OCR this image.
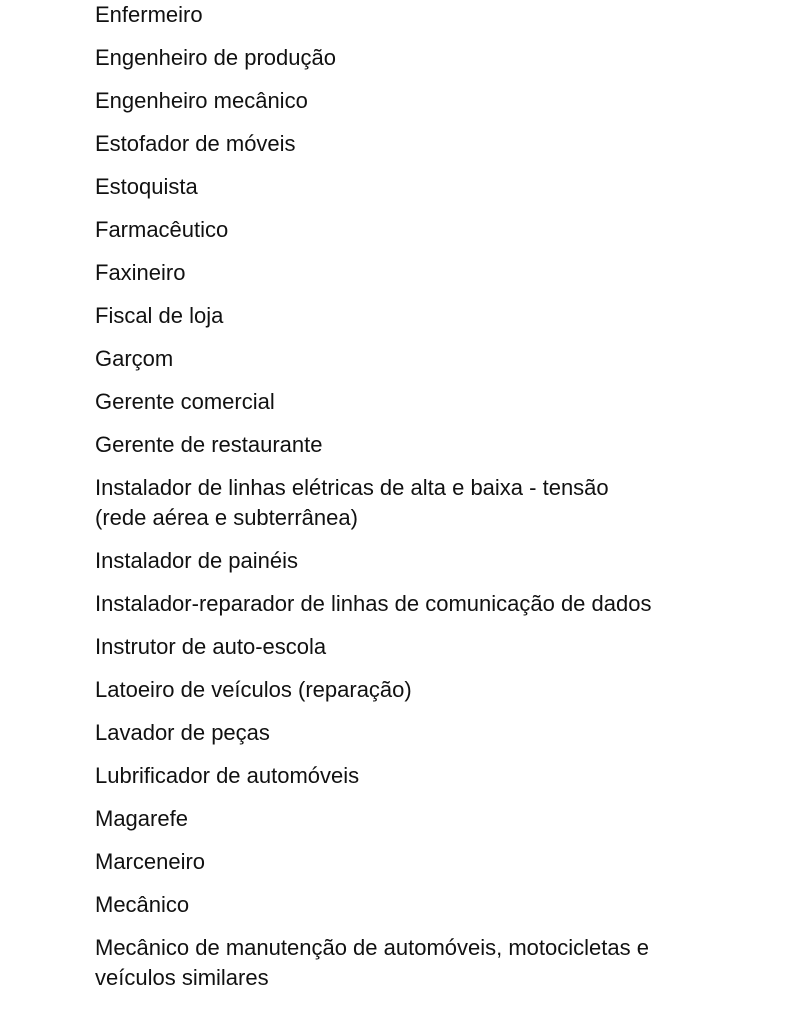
Enfermeiro
Engenheiro de produção
Engenheiro mecânico
Estofador de móveis
Estoquista
Farmacêutico
Faxineiro
Fiscal de loja
Garçom
Gerente comercial
Gerente de restaurante
Instalador de linhas elétricas de alta e baixa - tensão
(rede aérea e subterrânea)
Instalador de painéis
Instalador-reparador de linhas de comunicação de dados
Instrutor de auto-escola
Latoeiro de veículos (reparação)
Lavador de peças
Lubrificador de automóveis
Magarefe
Marceneiro
Mecânico
Mecânico de manutenção de automóveis, motocicletas e
veículos similares
